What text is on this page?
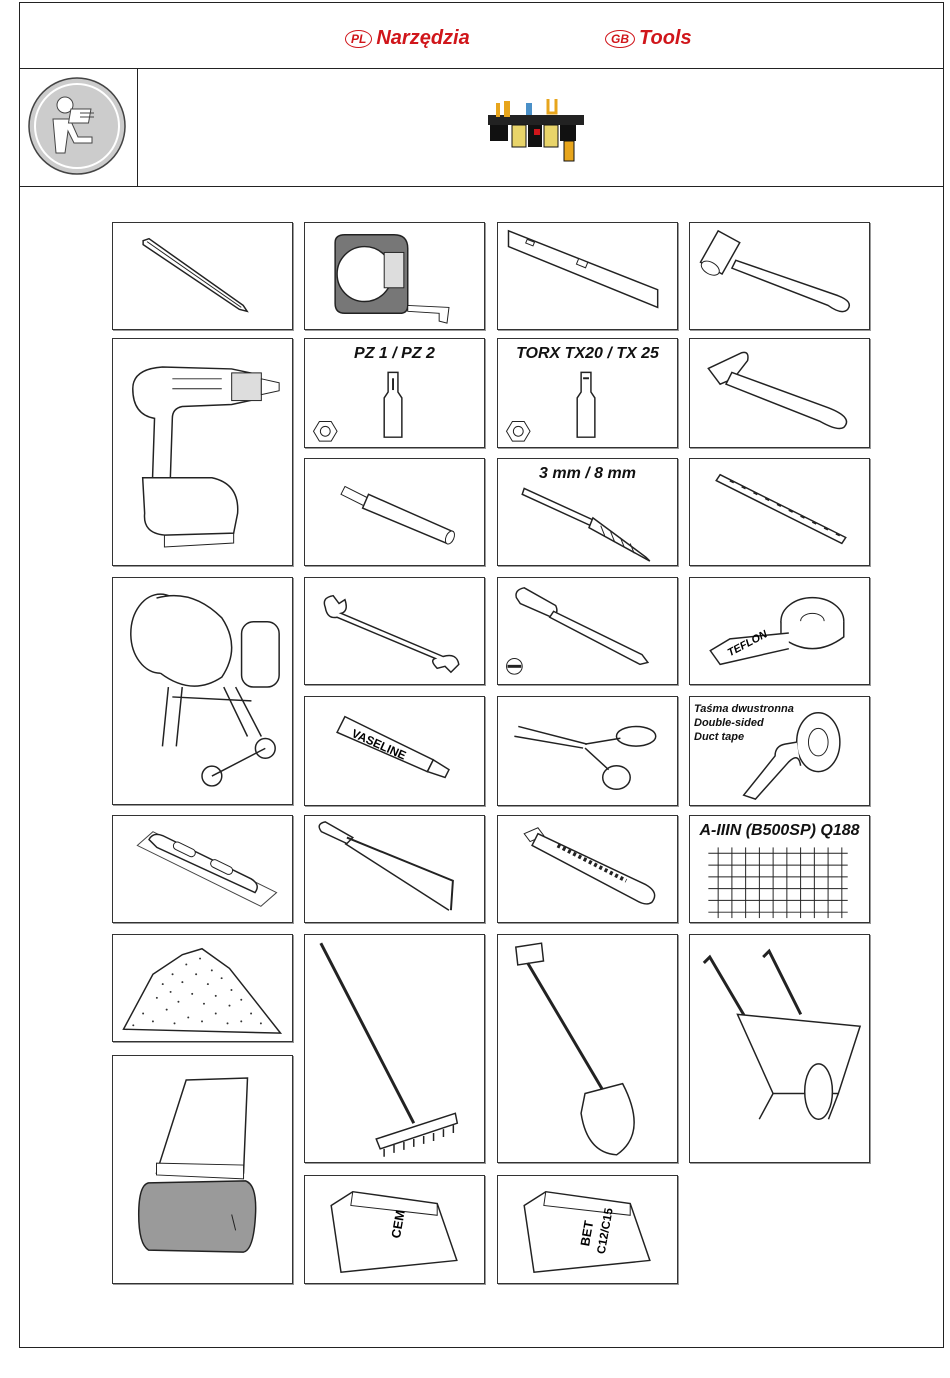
PL Narzędzia	GB Tools
PZ 1 / PZ 2	TORX TX20 / TX 25
3 mm / 8 mm
TEFLON
VASELINE
Taśma dwustronna
Double-sided
Duct tape
A-IIIN (B500SP) Q188
CEM	BET
C12/C15
